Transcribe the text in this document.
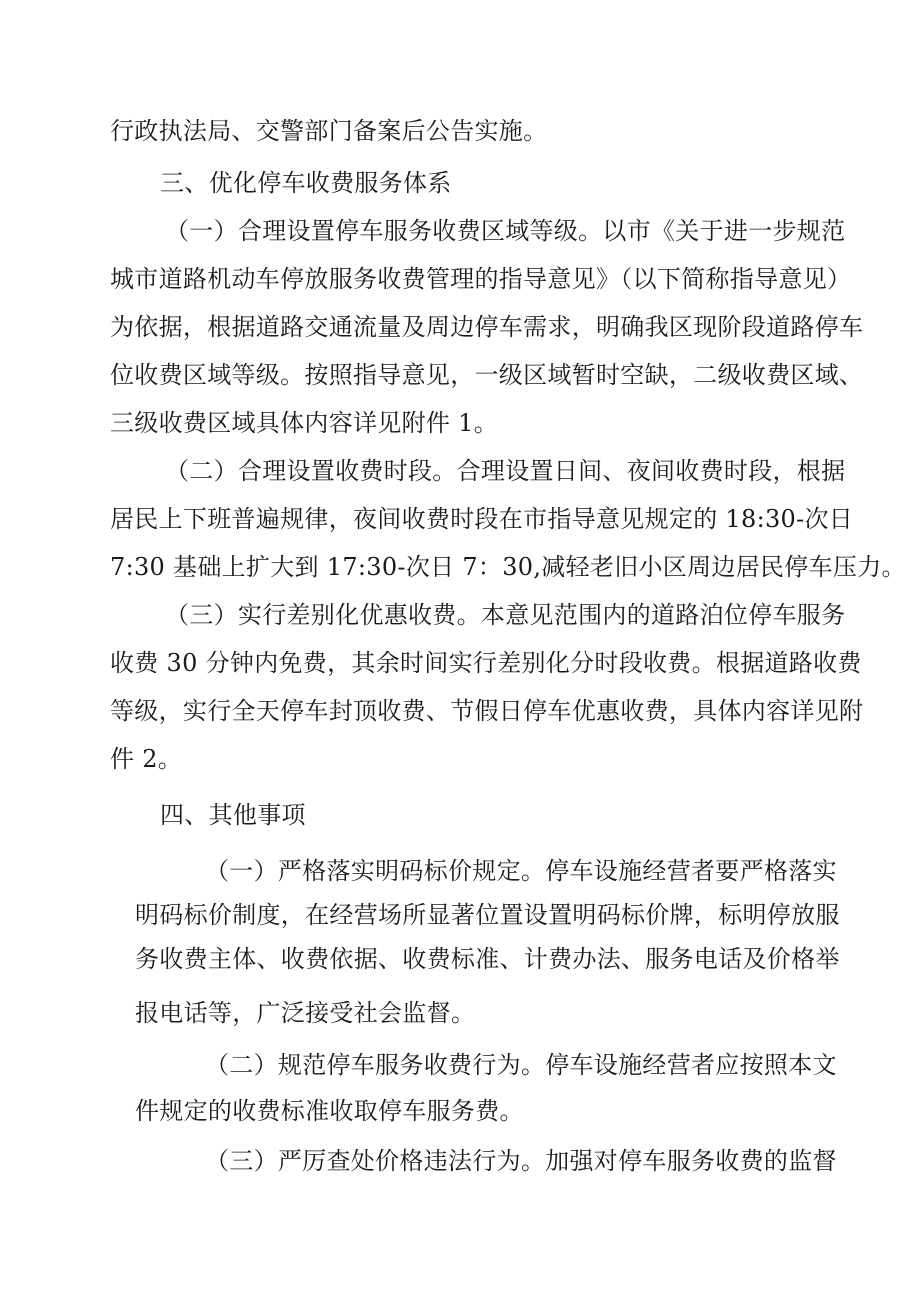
行政执法局、交警部门备案后公告实施。
三、优化停车收费服务体系
（一）合理设置停车服务收费区域等级。以市《关于进一步规范
城市道路机动车停放服务收费管理的指导意见》（以下简称指导意见）
为依据，根据道路交通流量及周边停车需求，明确我区现阶段道路停车
位收费区域等级。按照指导意见，一级区域暂时空缺，二级收费区域、
三级收费区域具体内容详见附件 1。
（二）合理设置收费时段。合理设置日间、夜间收费时段，根据
居民上下班普遍规律，夜间收费时段在市指导意见规定的 18:30-次日
7:30 基础上扩大到 17:30-次日 7：30,减轻老旧小区周边居民停车压力。
（三）实行差别化优惠收费。本意见范围内的道路泊位停车服务
收费 30 分钟内免费，其余时间实行差别化分时段收费。根据道路收费
等级，实行全天停车封顶收费、节假日停车优惠收费，具体内容详见附
件 2。
四、其他事项
（一）严格落实明码标价规定。停车设施经营者要严格落实
明码标价制度，在经营场所显著位置设置明码标价牌，标明停放服
务收费主体、收费依据、收费标准、计费办法、服务电话及价格举
报电话等，广泛接受社会监督。
（二）规范停车服务收费行为。停车设施经营者应按照本文
件规定的收费标准收取停车服务费。
（三）严厉查处价格违法行为。加强对停车服务收费的监督
